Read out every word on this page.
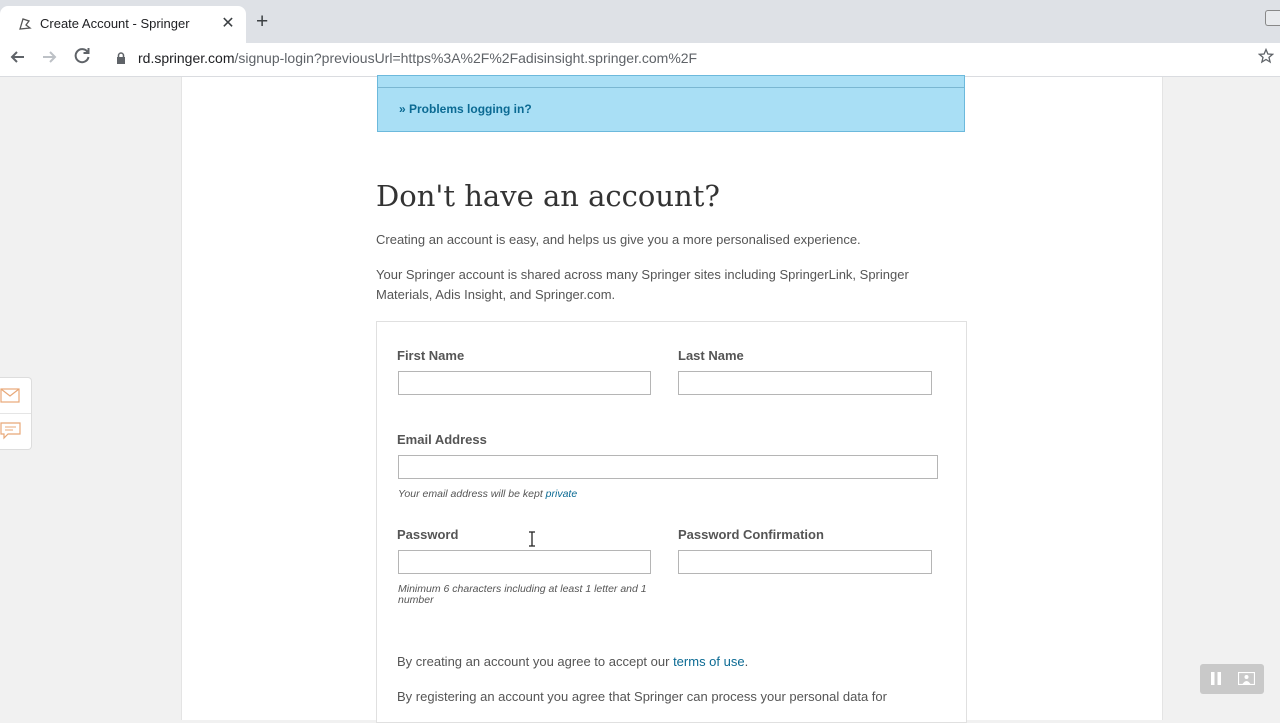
Create Account - Springer ✕ +
rd.springer.com/signup-login?previousUrl=https%3A%2F%2Fadisinsight.springer.com%2F
» Problems logging in?
Don't have an account?
Creating an account is easy, and helps us give you a more personalised experience.
Your Springer account is shared across many Springer sites including SpringerLink, Springer Materials, Adis Insight, and Springer.com.
First Name	Last Name
Email Address
Your email address will be kept private
Password
Minimum 6 characters including at least 1 letter and 1 number
Password Confirmation
By creating an account you agree to accept our terms of use.
By registering an account you agree that Springer can process your personal data for
